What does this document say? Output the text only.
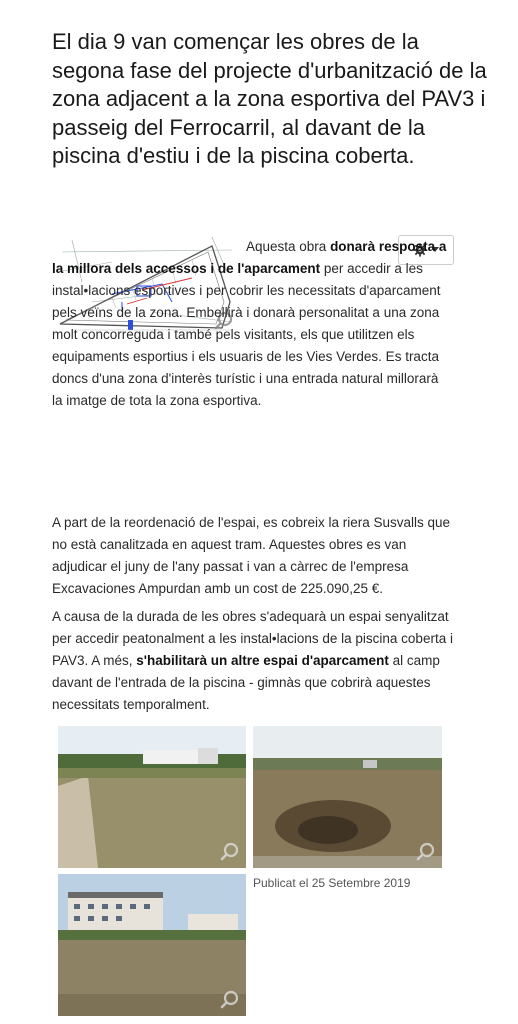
El dia 9 van començar les obres de la segona fase del projecte d'urbanització de la zona adjacent a la zona esportiva del PAV3 i passeig del Ferrocarril, al davant de la piscina d'estiu i de la piscina coberta.

Aquesta obra donarà resposta a la millora dels accessos i de l'aparcament per accedir a les instal•lacions esportives i per cobrir les necessitats d'aparcament pels veïns de la zona. Embellirà i donarà personalitat a una zona molt concorreguda i també pels visitants, els que utilitzen els equipaments esportius i els usuaris de les Vies Verdes. Es tracta doncs d'una zona d'interès turístic i una entrada natural millorarà la imatge de tota la zona esportiva.

A part de la reordenació de l'espai, es cobreix la riera Susvalls que no està canalitzada en aquest tram. Aquestes obres es van adjudicar el juny de l'any passat i van a càrrec de l'empresa Excavaciones Ampurdan amb un cost de 225.090,25 €.

A causa de la durada de les obres s'adequarà un espai senyalitzat per accedir peatonalment a les instal•lacions de la piscina coberta i PAV3. A més, s'habilitarà un altre espai d'aparcament al camp davant de l'entrada de la piscina - gimnàs que cobrirà aquestes necessitats temporalment.

Publicat el 25 Setembre 2019
